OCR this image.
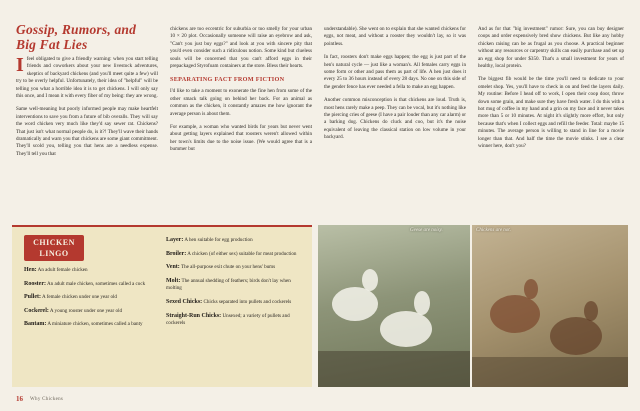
Gossip, Rumors, and Big Fat Lies

I feel obligated to give a friendly warning: when you start telling friends and coworkers about your new livestock adventures, skeptics of backyard chickens (and you'll meet quite a few) will try to be overly helpful. Unfortunately, their idea of "helpful" will be telling you what a horrible idea it is to get chickens. I will only say this once, and I mean it with every fiber of my being: they are wrong.

Same well-meaning but poorly informed people may make heartfelt interventions to save you from a future of bib overalls. They will say the word chicken very much like they'd say sewer rat. Chickens? That just isn't what normal people do, is it?! They'll wave their hands dramatically and warn you that chickens are some giant commitment. They'll scold you, telling you that hens are a needless expense. They'll tell you that

chickens are too eccentric for suburbia or too smelly for your urban 10 × 20 plot. Occasionally someone will raise an eyebrow and ask, "Can't you just buy eggs?" and look at you with sincere pity that you'd even consider such a ridiculous notion. Some kind but clueless souls will be concerned that you can't afford eggs in their prepackaged Styrofoam containers at the store. Bless their hearts.

SEPARATING FACT FROM FICTION

I'd like to take a moment to exonerate the fine hen from some of the other smack talk going on behind her back. For an animal as common as the chicken, it constantly amazes me how ignorant the average person is about them.

For example, a woman who wanted birds for years but never went about getting layers explained that roosters weren't allowed within her town's limits due to the noise issue. (We would agree that is a bummer but

understandable). She went on to explain that she wanted chickens for eggs, not meat, and without a rooster they wouldn't lay, so it was pointless.

In fact, roosters don't make eggs happen; the egg is just part of the hen's natural cycle — just like a woman's. All females carry eggs in some form or other and pass them as part of life. A hen just does it every 25 to 36 hours instead of every 28 days. No one on this side of the gender fence has ever needed a fella to make an egg happen.

Another common misconception is that chickens are loud. Truth is, most hens rarely make a peep. They can be vocal, but it's nothing like the piercing cries of geese (I have a pair louder than any car alarm) or a barking dog. Chickens do cluck and coo, but it's the noise equivalent of leaving the classical station on low volume in your backyard.

And as for that "big investment" rumor: Sure, you can buy designer coops and order expensively bred show chickens. But like any hobby chicken raising can be as frugal as you choose. A practical beginner without any resources or carpentry skills can easily purchase and set up an egg shop for under $350. That's a small investment for years of healthy, local protein.

The biggest fib would be the time you'll need to dedicate to your omelet shop. Yes, you'll have to check in on and feed the layers daily. My routine: Before I head off to work, I open their coop door, throw down some grain, and make sure they have fresh water. I do this with a hot mug of coffee in my hand and a grin on my face and it never takes more than 5 or 10 minutes. At night it's slightly more effort, but only because that's when I collect eggs and refill the feeder. Total: maybe 15 minutes. The average person is willing to stand in line for a movie longer than that. And half the time the movie stinks. I see a clear winner here, don't you?

CHICKEN
LINGO

Hen: An adult female chicken

Rooster: An adult male chicken, sometimes called a cock

Pullet: A female chicken under one year old

Cockerel: A young rooster under one year old

Bantam: A miniature chicken, sometimes called a banty

Layer: A hen suitable for egg production

Broiler: A chicken (of either sex) suitable for meat production

Vent: The all-purpose exit chute on your hens' bums

Molt: The annual shedding of feathers; birds don't lay when molting

Sexed Chicks: Chicks separated into pullets and cockerels

Straight-Run Chicks: Unsexed; a variety of pullets and cockerels

Geese are noisy.	Chickens are not.
16 Why Chickens
